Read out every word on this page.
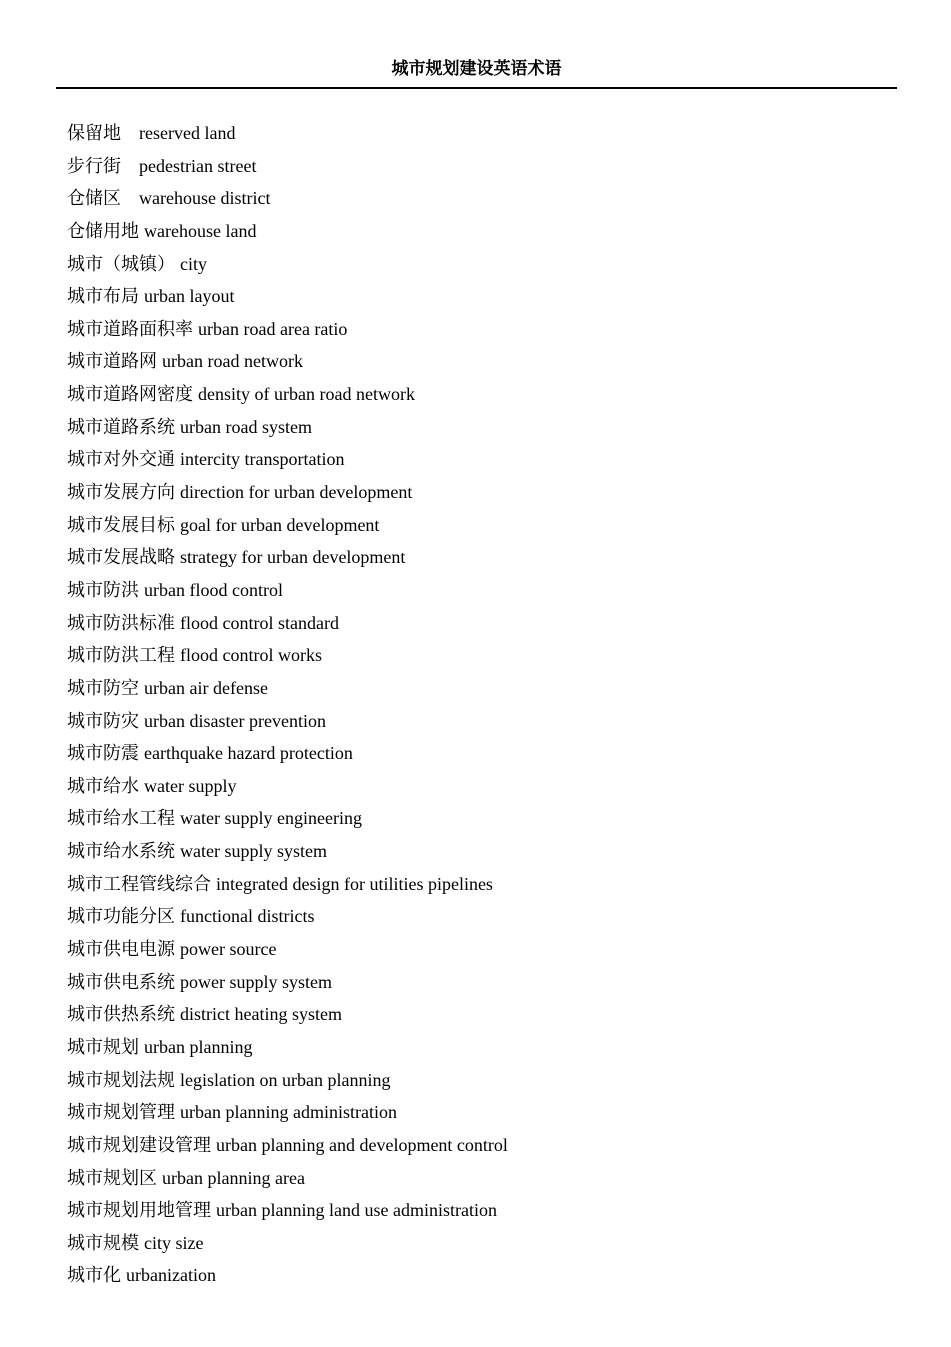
城市规划建设英语术语
保留地 reserved land
步行街 pedestrian street
仓储区 warehouse district
仓储用地 warehouse land
城市（城镇） city
城市布局 urban layout
城市道路面积率 urban road area ratio
城市道路网 urban road network
城市道路网密度 density of urban road network
城市道路系统 urban road system
城市对外交通 intercity transportation
城市发展方向 direction for urban development
城市发展目标 goal for urban development
城市发展战略 strategy for urban development
城市防洪 urban flood control
城市防洪标准 flood control standard
城市防洪工程 flood control works
城市防空 urban air defense
城市防灾 urban disaster prevention
城市防震 earthquake hazard protection
城市给水 water supply
城市给水工程 water supply engineering
城市给水系统 water supply system
城市工程管线综合 integrated design for utilities pipelines
城市功能分区 functional districts
城市供电电源 power source
城市供电系统 power supply system
城市供热系统 district heating system
城市规划 urban planning
城市规划法规 legislation on urban planning
城市规划管理 urban planning administration
城市规划建设管理 urban planning and development control
城市规划区 urban planning area
城市规划用地管理 urban planning land use administration
城市规模 city size
城市化 urbanization
